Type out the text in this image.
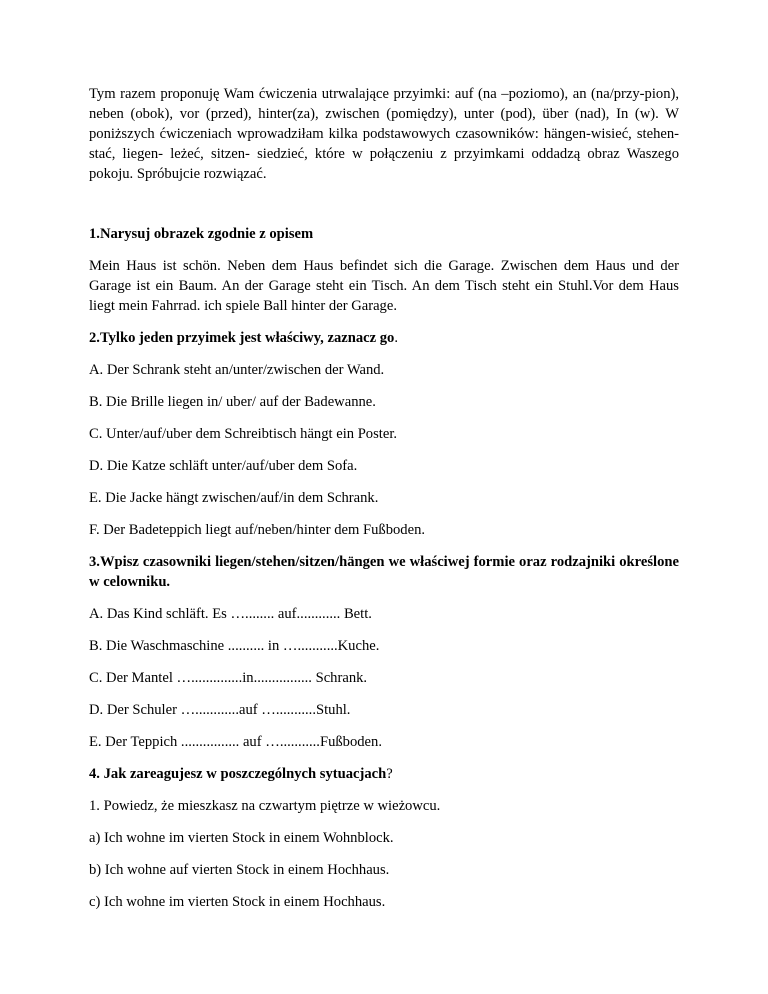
Tym razem proponuję Wam ćwiczenia utrwalające przyimki: auf (na –poziomo), an (na/przy-pion), neben (obok), vor (przed), hinter(za), zwischen (pomiędzy), unter (pod), über (nad), In (w). W poniższych ćwiczeniach wprowadziłam kilka podstawowych czasowników: hängen-wisieć, stehen- stać, liegen- leżeć, sitzen- siedzieć, które w połączeniu z przyimkami oddadzą obraz Waszego pokoju. Spróbujcie rozwiązać.

1.Narysuj obrazek zgodnie z opisem

Mein Haus ist schön. Neben dem Haus befindet sich die Garage. Zwischen dem Haus und der Garage ist ein Baum. An der Garage steht ein Tisch. An dem Tisch steht ein Stuhl.Vor dem Haus liegt mein Fahrrad. ich spiele Ball hinter der Garage.

2.Tylko jeden przyimek jest właściwy, zaznacz go.

A. Der Schrank steht an/unter/zwischen der Wand.

B. Die Brille liegen in/ uber/ auf der Badewanne.

C. Unter/auf/uber dem Schreibtisch hängt ein Poster.

D. Die Katze schläft unter/auf/uber dem Sofa.

E. Die Jacke hängt zwischen/auf/in dem Schrank.

F. Der Badeteppich liegt auf/neben/hinter dem Fußboden.

3.Wpisz czasowniki liegen/stehen/sitzen/hängen we właściwej formie oraz rodzajniki określone w celowniku.

A. Das Kind schläft. Es …........ auf............ Bett.

B. Die Waschmaschine .......... in …...........Kuche.

C. Der Mantel …..............in................ Schrank.

D. Der Schuler …............auf …...........Stuhl.

E. Der Teppich ................ auf …...........Fußboden.

4. Jak zareagujesz w poszczególnych sytuacjach?

1. Powiedz, że mieszkasz na czwartym piętrze w wieżowcu.

a) Ich wohne im vierten Stock in einem Wohnblock.

b) Ich wohne auf vierten Stock in einem Hochhaus.

c) Ich wohne im vierten Stock in einem Hochhaus.
